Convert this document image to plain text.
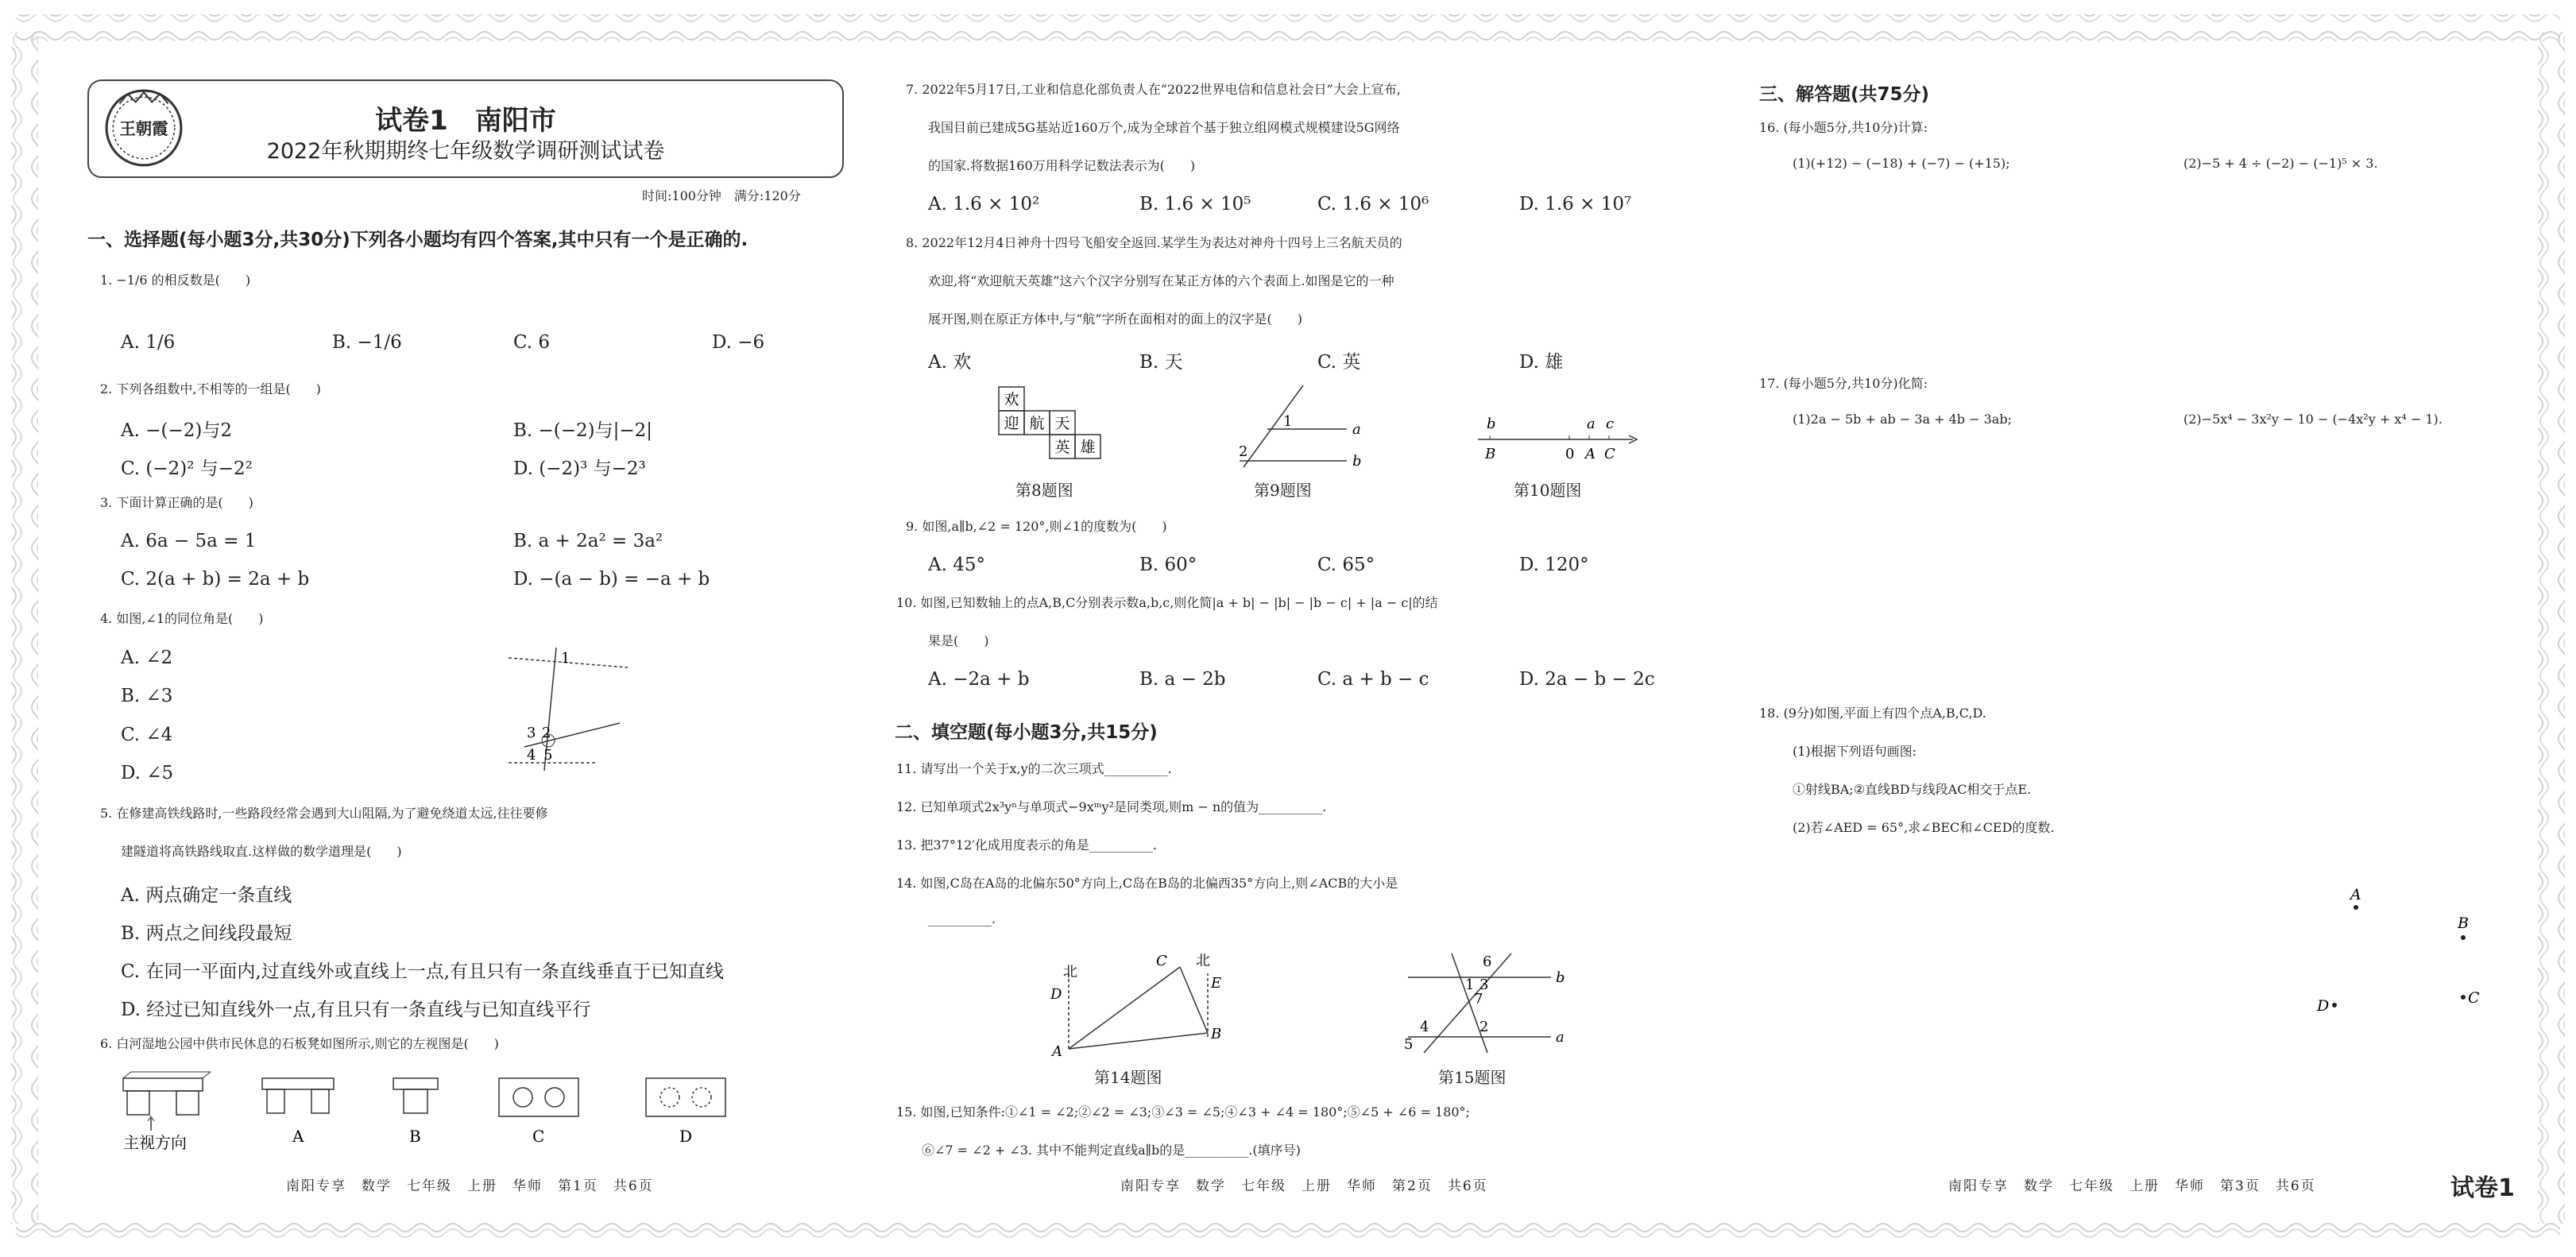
王朝霞	试卷1　南阳市
2022年秋期期终七年级数学调研测试试卷
时间:100分钟　满分:120分
一、选择题(每小题3分,共30分)下列各小题均有四个答案,其中只有一个是正确的.
1. −1/6 的相反数是(　　)
A. 1/6	B. −1/6	C. 6	D. −6
2. 下列各组数中,不相等的一组是(　　)
A. −(−2)与2	B. −(−2)与|−2|
C. (−2)² 与−2²	D. (−2)³ 与−2³
3. 下面计算正确的是(　　)
A. 6a − 5a = 1	B. a + 2a² = 3a²
C. 2(a + b) = 2a + b	D. −(a − b) = −a + b
4. 如图,∠1的同位角是(　　)
A. ∠2
B. ∠3
C. ∠4
D. ∠5
1
3 2
4 5
5. 在修建高铁线路时,一些路段经常会遇到大山阻隔,为了避免绕道太远,往往要修
建隧道将高铁路线取直.这样做的数学道理是(　　)
A. 两点确定一条直线
B. 两点之间线段最短
C. 在同一平面内,过直线外或直线上一点,有且只有一条直线垂直于已知直线
D. 经过已知直线外一点,有且只有一条直线与已知直线平行
6. 白河湿地公园中供市民休息的石板凳如图所示,则它的左视图是(　　)
主视方向	A	B	C	D
南阳专享　数学　七年级　上册　华师　第1页　共6页
7. 2022年5月17日,工业和信息化部负责人在“2022世界电信和信息社会日”大会上宣布,
我国目前已建成5G基站近160万个,成为全球首个基于独立组网模式规模建设5G网络
的国家.将数据160万用科学记数法表示为(　　)
A. 1.6 × 10²	B. 1.6 × 10⁵	C. 1.6 × 10⁶	D. 1.6 × 10⁷
8. 2022年12月4日神舟十四号飞船安全返回.某学生为表达对神舟十四号上三名航天员的
欢迎,将“欢迎航天英雄”这六个汉字分别写在某正方体的六个表面上.如图是它的一种
展开图,则在原正方体中,与“航”字所在面相对的面上的汉字是(　　)
A. 欢	B. 天	C. 英	D. 雄
欢
迎 航 天
英 雄
第8题图
1
2
a
b
第9题图
b
B	0
a
A
c
C
第10题图
9. 如图,a∥b,∠2 = 120°,则∠1的度数为(　　)
A. 45°	B. 60°	C. 65°	D. 120°
10. 如图,已知数轴上的点A,B,C分别表示数a,b,c,则化简|a + b| − |b| − |b − c| + |a − c|的结
果是(　　)
A. −2a + b	B. a − 2b	C. a + b − c	D. 2a − b − 2c
二、填空题(每小题3分,共15分)
11. 请写出一个关于x,y的二次三项式__________.
12. 已知单项式2x³yⁿ与单项式−9xᵐy²是同类项,则m − n的值为__________.
13. 把37°12′化成用度表示的角是__________.
14. 如图,C岛在A岛的北偏东50°方向上,C岛在B岛的北偏西35°方向上,则∠ACB的大小是
__________.
北
C 北
D
E
A
B
第14题图
6
1 3
7
b
4	2
5	a
第15题图
15. 如图,已知条件:①∠1 = ∠2;②∠2 = ∠3;③∠3 = ∠5;④∠3 + ∠4 = 180°;⑤∠5 + ∠6 = 180°;
⑥∠7 = ∠2 + ∠3. 其中不能判定直线a∥b的是__________.(填序号)
南阳专享　数学　七年级　上册　华师　第2页　共6页
三、解答题(共75分)
16. (每小题5分,共10分)计算:
(1)(+12) − (−18) + (−7) − (+15);	(2)−5 + 4 ÷ (−2) − (−1)⁵ × 3.
17. (每小题5分,共10分)化简:
(1)2a − 5b + ab − 3a + 4b − 3ab;	(2)−5x⁴ − 3x²y − 10 − (−4x²y + x⁴ − 1).
18. (9分)如图,平面上有四个点A,B,C,D.
(1)根据下列语句画图:
①射线BA;②直线BD与线段AC相交于点E.
(2)若∠AED = 65°,求∠BEC和∠CED的度数.
A
B
C
D
南阳专享　数学　七年级　上册　华师　第3页　共6页	试卷1
